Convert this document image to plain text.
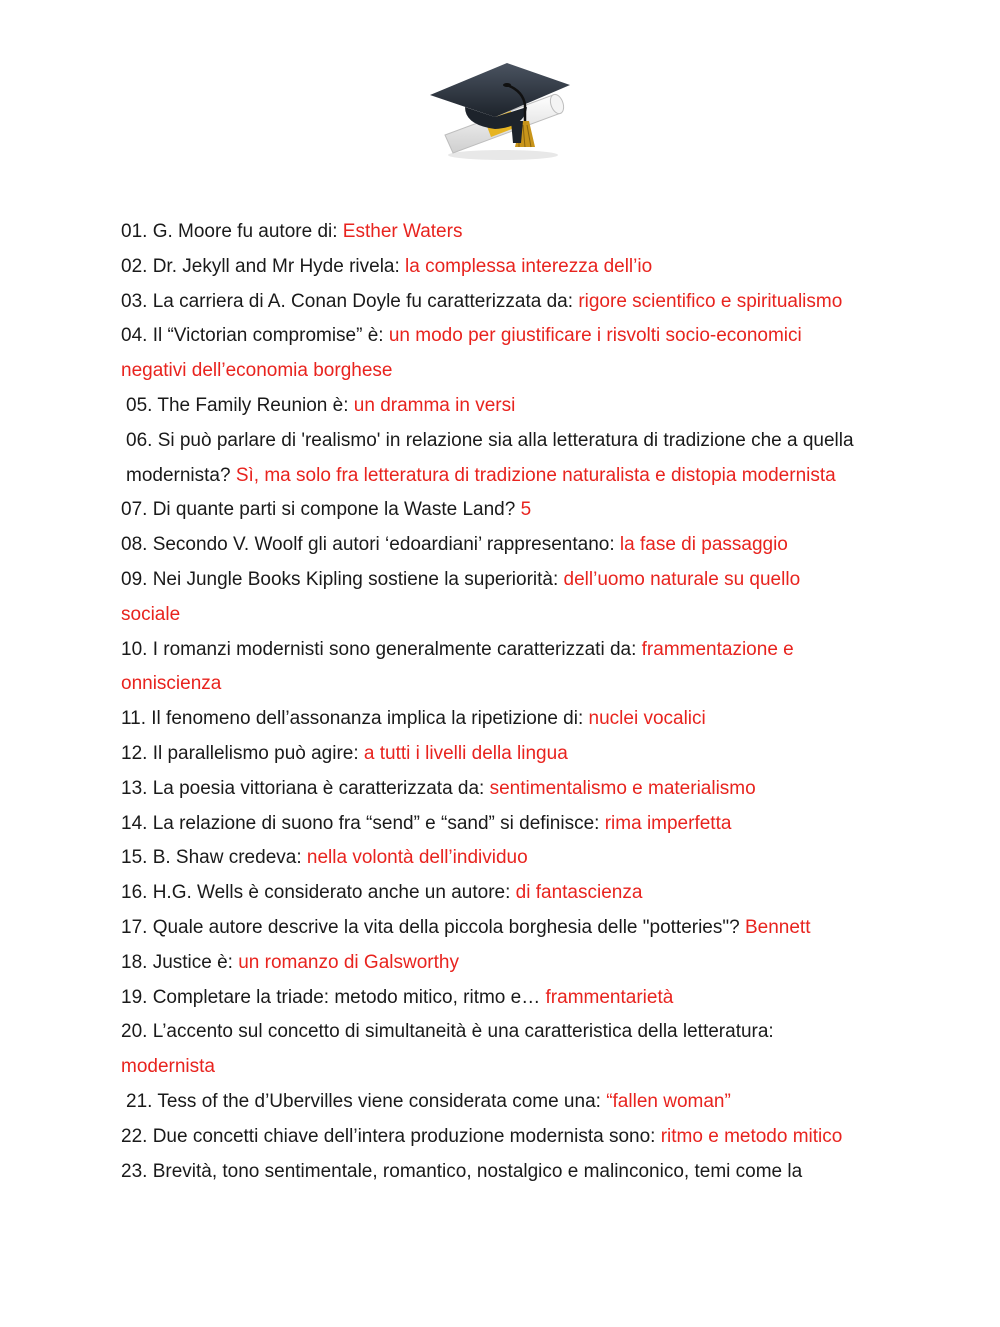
01. G. Moore fu autore di: Esther Waters
02. Dr. Jekyll and Mr Hyde rivela: la complessa interezza dell’io
03. La carriera di A. Conan Doyle fu caratterizzata da: rigore scientifico e spiritualismo
04. Il “Victorian compromise” è: un modo per giustificare i risvolti socio-economici negativi dell’economia borghese
05. The Family Reunion è: un dramma in versi
06. Si può parlare di 'realismo' in relazione sia alla letteratura di tradizione che a quella modernista? Sì, ma solo fra letteratura di tradizione naturalista e distopia modernista
07. Di quante parti si compone la Waste Land? 5
08. Secondo V. Woolf gli autori ‘edoardiani’ rappresentano: la fase di passaggio
09. Nei Jungle Books Kipling sostiene la superiorità: dell’uomo naturale su quello sociale
10. I romanzi modernisti sono generalmente caratterizzati da: frammentazione e onniscienza
11. Il fenomeno dell’assonanza implica la ripetizione di: nuclei vocalici
12. Il parallelismo può agire: a tutti i livelli della lingua
13. La poesia vittoriana è caratterizzata da: sentimentalismo e materialismo
14. La relazione di suono fra “send” e “sand” si definisce: rima imperfetta
15. B. Shaw credeva: nella volontà dell’individuo
16. H.G. Wells è considerato anche un autore: di fantascienza
17. Quale autore descrive la vita della piccola borghesia delle "potteries"? Bennett
18. Justice è: un romanzo di Galsworthy
19. Completare la triade: metodo mitico, ritmo e… frammentarietà
20. L’accento sul concetto di simultaneità è una caratteristica della letteratura: modernista
21. Tess of the d’Ubervilles viene considerata come una: “fallen woman”
22. Due concetti chiave dell’intera produzione modernista sono: ritmo e metodo mitico
23. Brevità, tono sentimentale, romantico, nostalgico e malinconico, temi come la
